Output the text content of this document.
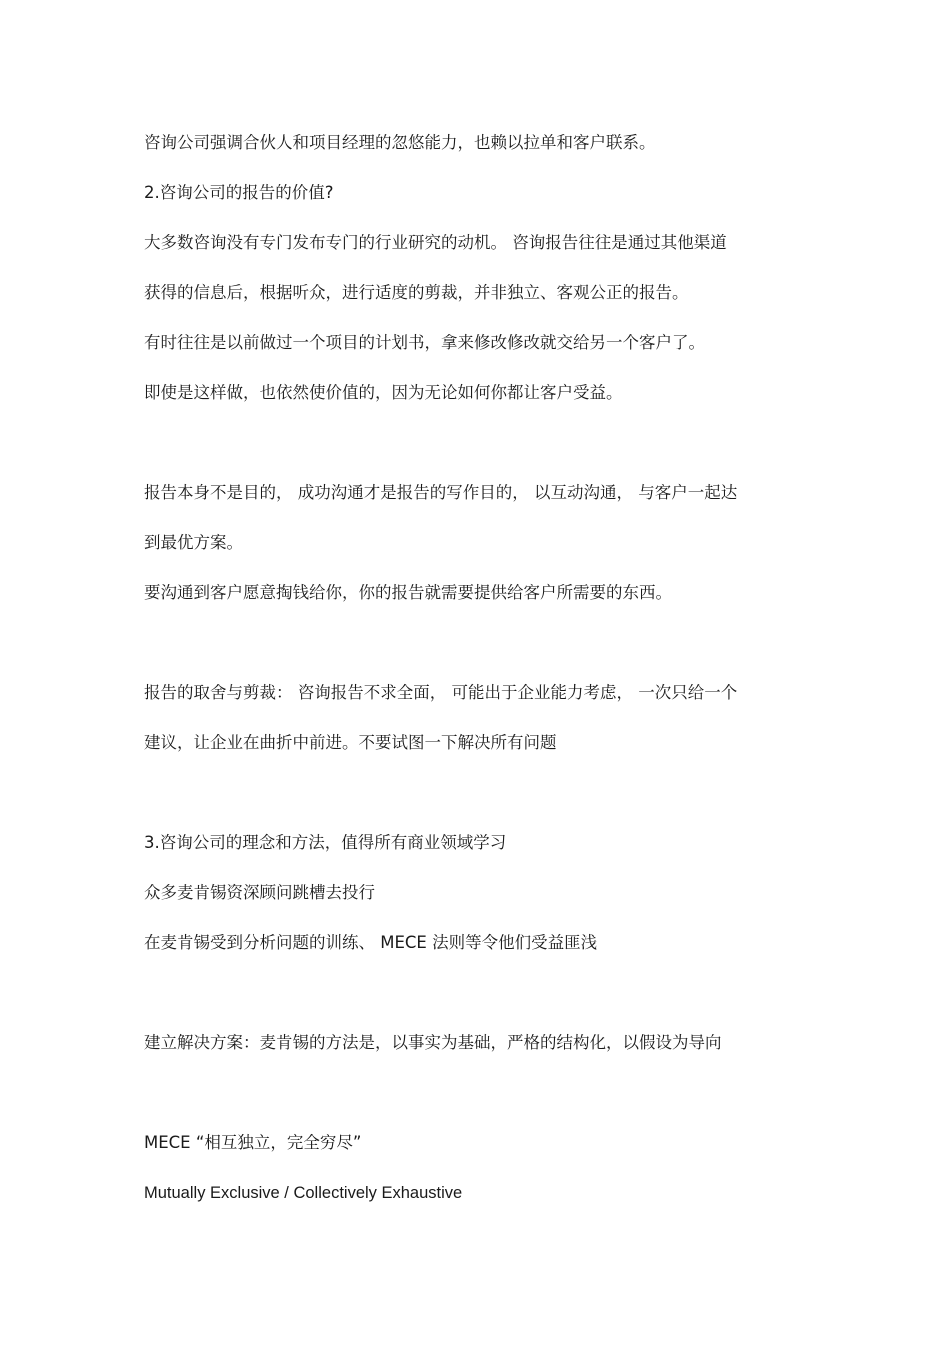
咨询公司强调合伙人和项目经理的忽悠能力，也赖以拉单和客户联系。

2.咨询公司的报告的价值?

大多数咨询没有专门发布专门的行业研究的动机。 咨询报告往往是通过其他渠道

获得的信息后，根据听众，进行适度的剪裁，并非独立、客观公正的报告。

有时往往是以前做过一个项目的计划书，拿来修改修改就交给另一个客户了。

即使是这样做，也依然使价值的，因为无论如何你都让客户受益。

报告本身不是目的， 成功沟通才是报告的写作目的， 以互动沟通， 与客户一起达

到最优方案。

要沟通到客户愿意掏钱给你，你的报告就需要提供给客户所需要的东西。

报告的取舍与剪裁： 咨询报告不求全面， 可能出于企业能力考虑， 一次只给一个

建议，让企业在曲折中前进。不要试图一下解决所有问题

3.咨询公司的理念和方法，值得所有商业领域学习

众多麦肯锡资深顾问跳槽去投行

在麦肯锡受到分析问题的训练、 MECE 法则等令他们受益匪浅

建立解决方案：麦肯锡的方法是，以事实为基础，严格的结构化，以假设为导向

MECE “相互独立，完全穷尽”

Mutually Exclusive / Collectively Exhaustive
